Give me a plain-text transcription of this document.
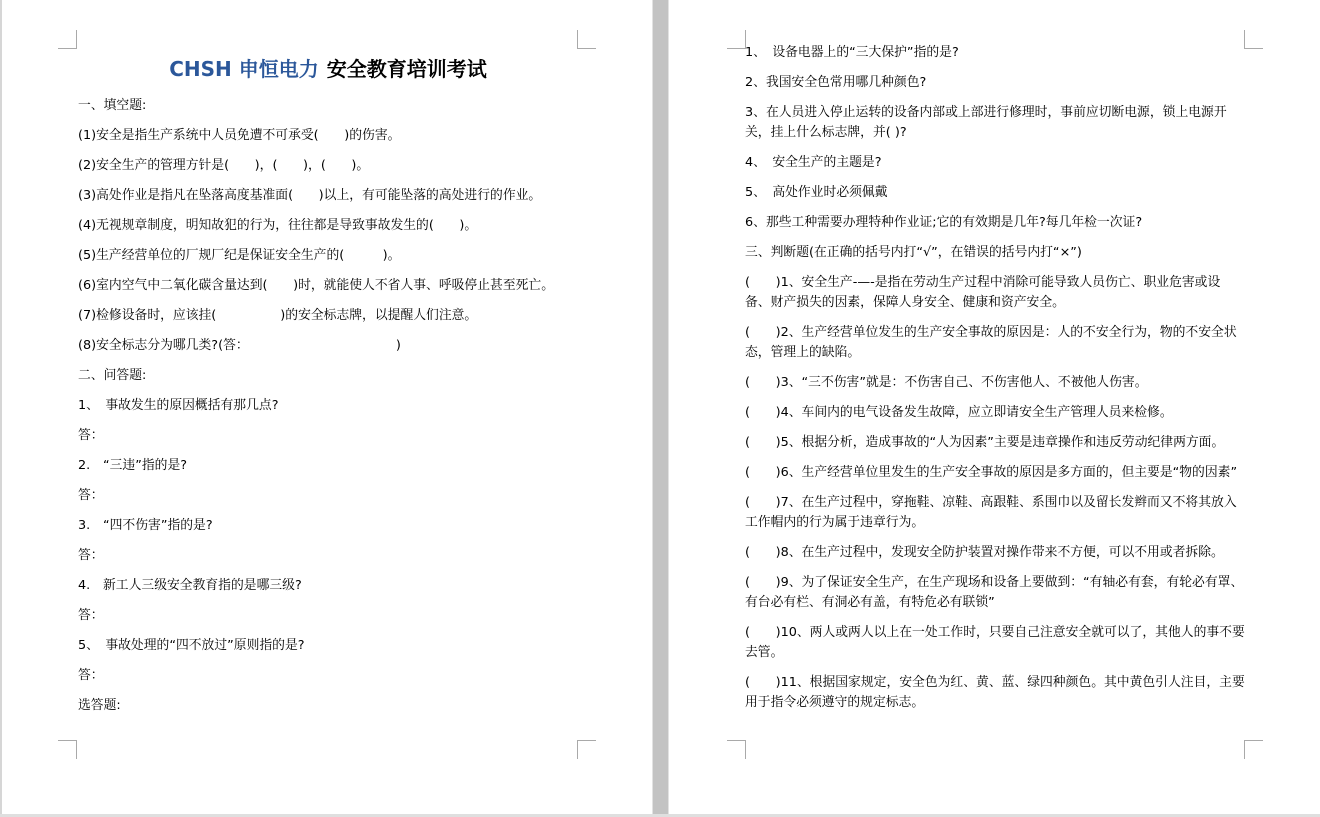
CHSH 申恒电力 安全教育培训考试

一、填空题:

(1)安全是指生产系统中人员免遭不可承受(　　)的伤害。

(2)安全生产的管理方针是(　　)，(　　)，(　　)。

(3)高处作业是指凡在坠落高度基准面(　　)以上，有可能坠落的高处进行的作业。

(4)无视规章制度，明知故犯的行为，往往都是导致事故发生的(　　)。

(5)生产经营单位的厂规厂纪是保证安全生产的(　　　)。

(6)室内空气中二氧化碳含量达到(　　)时，就能使人不省人事、呼吸停止甚至死亡。

(7)检修设备时，应该挂(　　　　　)的安全标志牌，以提醒人们注意。

(8)安全标志分为哪几类?(答：　　　　　　　　　　　　)

二、问答题:

1、　事故发生的原因概括有那几点?

答：

2.　“三违”指的是?

答：

3.　“四不伤害”指的是?

答：

4.　新工人三级安全教育指的是哪三级?

答：

5、　事故处理的“四不放过”原则指的是?

答：

选答题:

1、　设备电器上的“三大保护”指的是?

2、我国安全色常用哪几种颜色?

3、在人员进入停止运转的设备内部或上部进行修理时，事前应切断电源，锁上电源开关，挂上什么标志牌，并( )?

4、　安全生产的主题是?

5、　高处作业时必须佩戴

6、那些工种需要办理特种作业证;它的有效期是几年?每几年检一次证?

三、判断题(在正确的括号内打“√”，在错误的括号内打“×”)

(　　)1、安全生产-—-是指在劳动生产过程中消除可能导致人员伤亡、职业危害或设备、财产损失的因素，保障人身安全、健康和资产安全。

(　　)2、生产经营单位发生的生产安全事故的原因是：人的不安全行为，物的不安全状态，管理上的缺陷。

(　　)3、“三不伤害”就是：不伤害自己、不伤害他人、不被他人伤害。

(　　)4、车间内的电气设备发生故障，应立即请安全生产管理人员来检修。

(　　)5、根据分析，造成事故的“人为因素”主要是违章操作和违反劳动纪律两方面。

(　　)6、生产经营单位里发生的生产安全事故的原因是多方面的，但主要是“物的因素”

(　　)7、在生产过程中，穿拖鞋、凉鞋、高跟鞋、系围巾以及留长发辫而又不将其放入工作帽内的行为属于违章行为。

(　　)8、在生产过程中，发现安全防护装置对操作带来不方便，可以不用或者拆除。

(　　)9、为了保证安全生产，在生产现场和设备上要做到：“有轴必有套，有轮必有罩、有台必有栏、有洞必有盖，有特危必有联锁”

(　　)10、两人或两人以上在一处工作时，只要自己注意安全就可以了，其他人的事不要去管。

(　　)11、根据国家规定，安全色为红、黄、蓝、绿四种颜色。其中黄色引人注目，主要用于指令必须遵守的规定标志。
